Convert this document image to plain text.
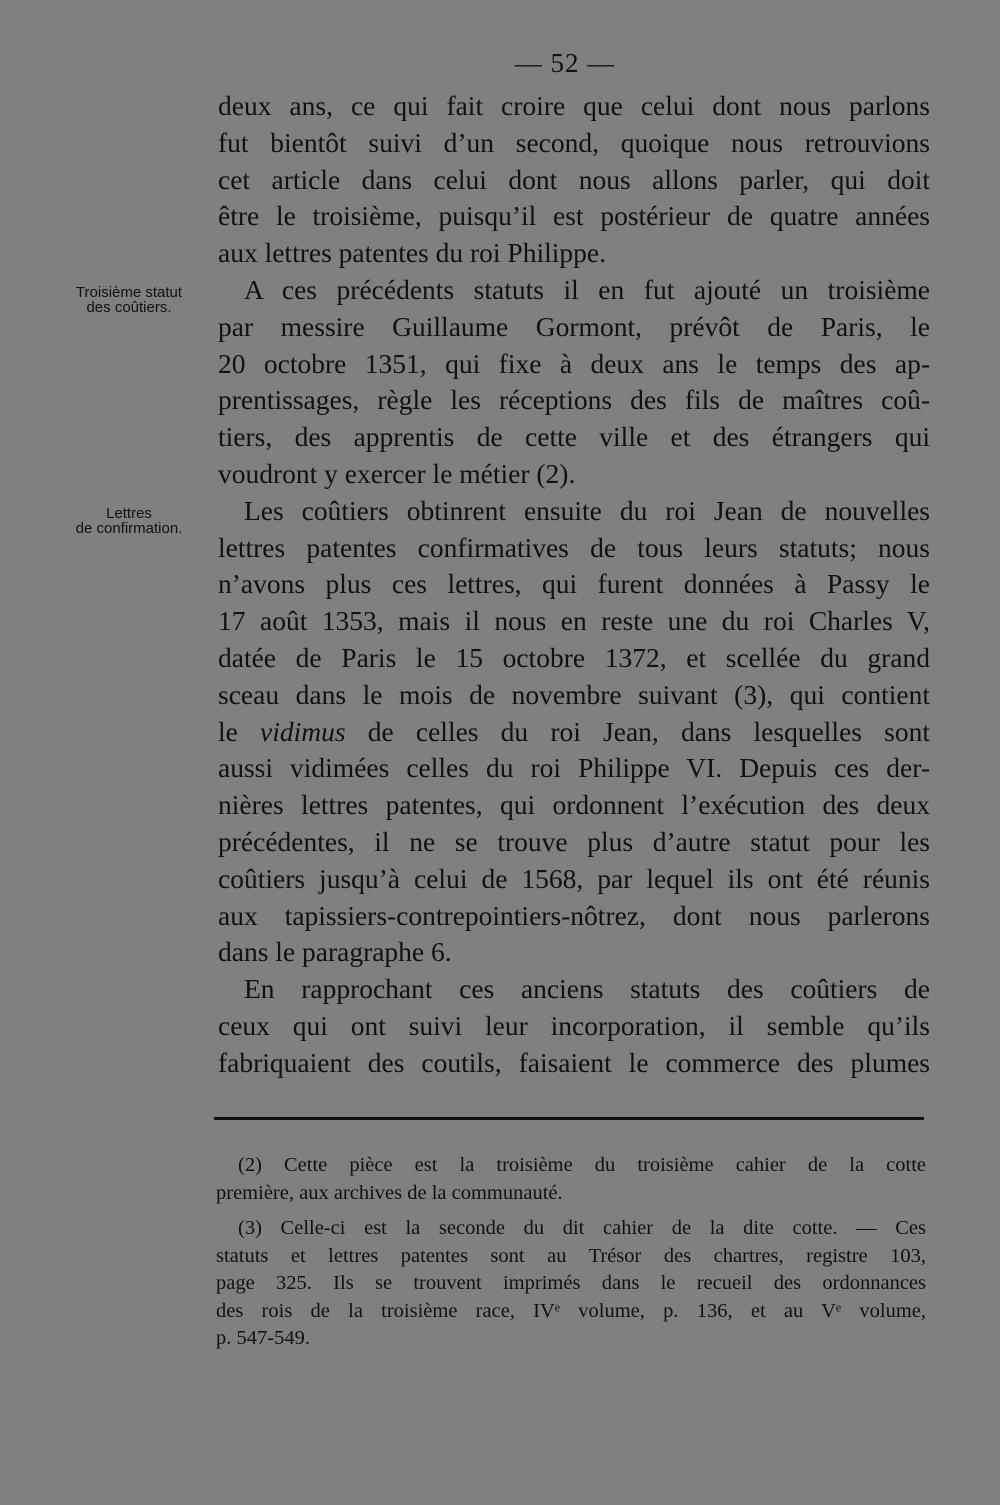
— 52 —
Troisième statut
des coûtiers.
Lettres
de confirmation.
deux ans, ce qui fait croire que celui dont nous parlons
fut bientôt suivi d’un second, quoique nous retrouvions
cet article dans celui dont nous allons parler, qui doit
être le troisième, puisqu’il est postérieur de quatre années
aux lettres patentes du roi Philippe.
A ces précédents statuts il en fut ajouté un troisième
par messire Guillaume Gormont, prévôt de Paris, le
20 octobre 1351, qui fixe à deux ans le temps des ap-
prentissages, règle les réceptions des fils de maîtres coû-
tiers, des apprentis de cette ville et des étrangers qui
voudront y exercer le métier (2).
Les coûtiers obtinrent ensuite du roi Jean de nouvelles
lettres patentes confirmatives de tous leurs statuts; nous
n’avons plus ces lettres, qui furent données à Passy le
17 août 1353, mais il nous en reste une du roi Charles V,
datée de Paris le 15 octobre 1372, et scellée du grand
sceau dans le mois de novembre suivant (3), qui contient
le vidimus de celles du roi Jean, dans lesquelles sont
aussi vidimées celles du roi Philippe VI. Depuis ces der-
nières lettres patentes, qui ordonnent l’exécution des deux
précédentes, il ne se trouve plus d’autre statut pour les
coûtiers jusqu’à celui de 1568, par lequel ils ont été réunis
aux tapissiers-contrepointiers-nôtrez, dont nous parlerons
dans le paragraphe 6.
En rapprochant ces anciens statuts des coûtiers de
ceux qui ont suivi leur incorporation, il semble qu’ils
fabriquaient des coutils, faisaient le commerce des plumes
(2) Cette pièce est la troisième du troisième cahier de la cotte
première, aux archives de la communauté.
(3) Celle-ci est la seconde du dit cahier de la dite cotte. — Ces
statuts et lettres patentes sont au Trésor des chartres, registre 103,
page 325. Ils se trouvent imprimés dans le recueil des ordonnances
des rois de la troisième race, IVᵉ volume, p. 136, et au Vᵉ volume,
p. 547-549.
